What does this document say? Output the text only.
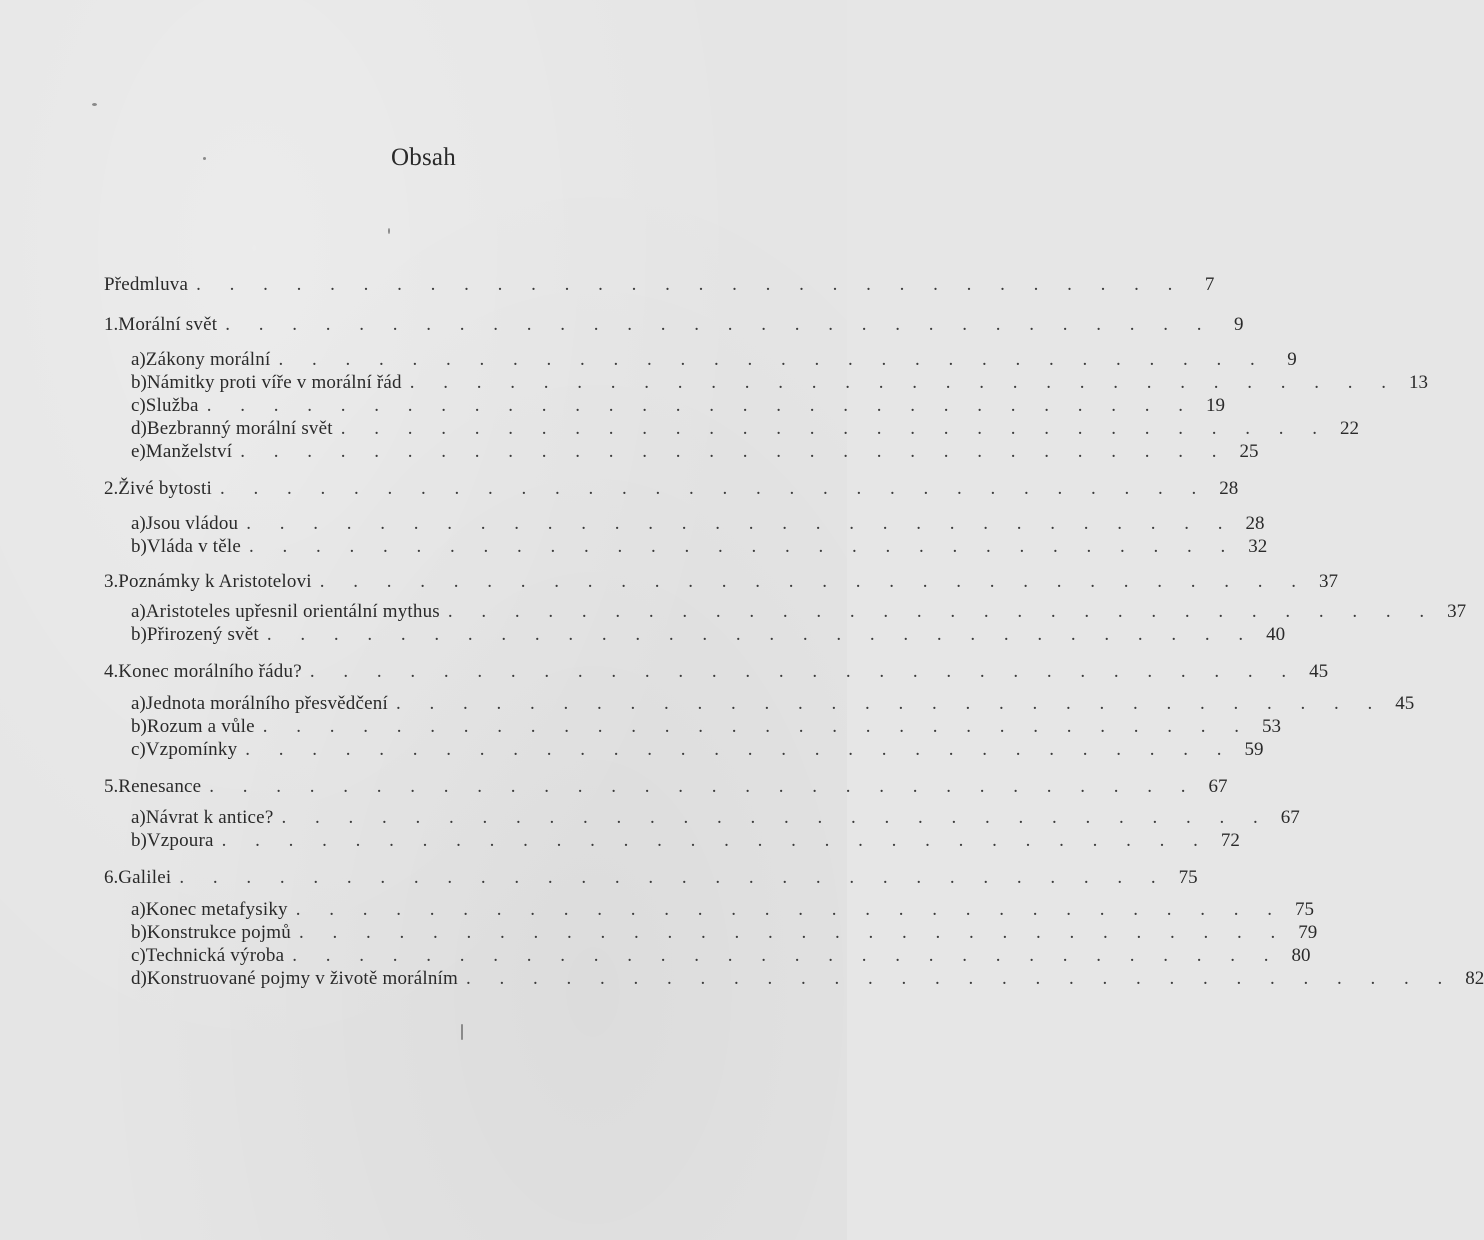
Obsah
Předmluva . . . . . . . . . . . . . . . . . . . . . . . . . . . . . .	7
1. Morální svět . . . . . . . . . . . . . . . . . . . . . . . . . . . . . .	9
a) Zákony morální . . . . . . . . . . . . . . . . . . . . . . . . . . . . . .	9
b) Námitky proti víře v morální řád . . . . . . . . . . . . . . . . . . . . . . . . . . . . . . 13
c) Služba . . . . . . . . . . . . . . . . . . . . . . . . . . . . . . 19
d) Bezbranný morální svět . . . . . . . . . . . . . . . . . . . . . . . . . . . . . . 22
e) Manželství . . . . . . . . . . . . . . . . . . . . . . . . . . . . . . 25
2. Živé bytosti . . . . . . . . . . . . . . . . . . . . . . . . . . . . . . 28
a) Jsou vládou . . . . . . . . . . . . . . . . . . . . . . . . . . . . . . 28
b) Vláda v těle . . . . . . . . . . . . . . . . . . . . . . . . . . . . . . 32
3. Poznámky k Aristotelovi . . . . . . . . . . . . . . . . . . . . . . . . . . . . . . 37
a) Aristoteles upřesnil orientální mythus . . . . . . . . . . . . . . . . . . . . . . . . . . . . . . 37
b) Přirozený svět . . . . . . . . . . . . . . . . . . . . . . . . . . . . . . 40
4. Konec morálního řádu? . . . . . . . . . . . . . . . . . . . . . . . . . . . . . . 45
a) Jednota morálního přesvědčení . . . . . . . . . . . . . . . . . . . . . . . . . . . . . . 45
b) Rozum a vůle . . . . . . . . . . . . . . . . . . . . . . . . . . . . . . 53
c) Vzpomínky . . . . . . . . . . . . . . . . . . . . . . . . . . . . . . 59
5. Renesance . . . . . . . . . . . . . . . . . . . . . . . . . . . . . . 67
a) Návrat k antice? . . . . . . . . . . . . . . . . . . . . . . . . . . . . . . 67
b) Vzpoura . . . . . . . . . . . . . . . . . . . . . . . . . . . . . . 72
6. Galilei . . . . . . . . . . . . . . . . . . . . . . . . . . . . . . 75
a) Konec metafysiky . . . . . . . . . . . . . . . . . . . . . . . . . . . . . . 75
b) Konstrukce pojmů . . . . . . . . . . . . . . . . . . . . . . . . . . . . . . 79
c) Technická výroba . . . . . . . . . . . . . . . . . . . . . . . . . . . . . . 80
d) Konstruované pojmy v životě morálním . . . . . . . . . . . . . . . . . . . . . . . . . . . . . . 82
